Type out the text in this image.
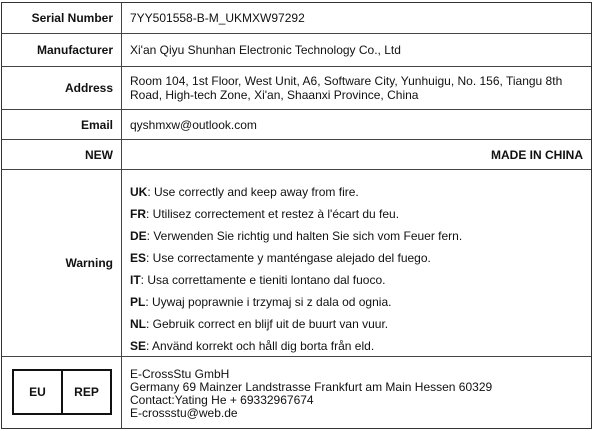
Serial Number 7YY501558-B-M_UKMXW97292
Manufacturer Xi'an Qiyu Shunhan Electronic Technology Co., Ltd
Address Room 104, 1st Floor, West Unit, A6, Software City, Yunhuigu, No. 156, Tiangu 8th Road, High-tech Zone, Xi'an, Shaanxi Province, China
Email qyshmxw@outlook.com
NEW	MADE IN CHINA
Warning
UK: Use correctly and keep away from fire.
FR: Utilisez correctement et restez à l'écart du feu.
DE: Verwenden Sie richtig und halten Sie sich vom Feuer fern.
ES: Use correctamente y manténgase alejado del fuego.
IT: Usa correttamente e tieniti lontano dal fuoco.
PL: Uywaj poprawnie i trzymaj si z dala od ognia.
NL: Gebruik correct en blijf uit de buurt van vuur.
SE: Använd korrekt och håll dig borta från eld.
EU	REP
E-CrossStu GmbH
Germany 69 Mainzer Landstrasse Frankfurt am Main Hessen 60329
Contact:Yating He + 69332967674
E-crossstu@web.de
